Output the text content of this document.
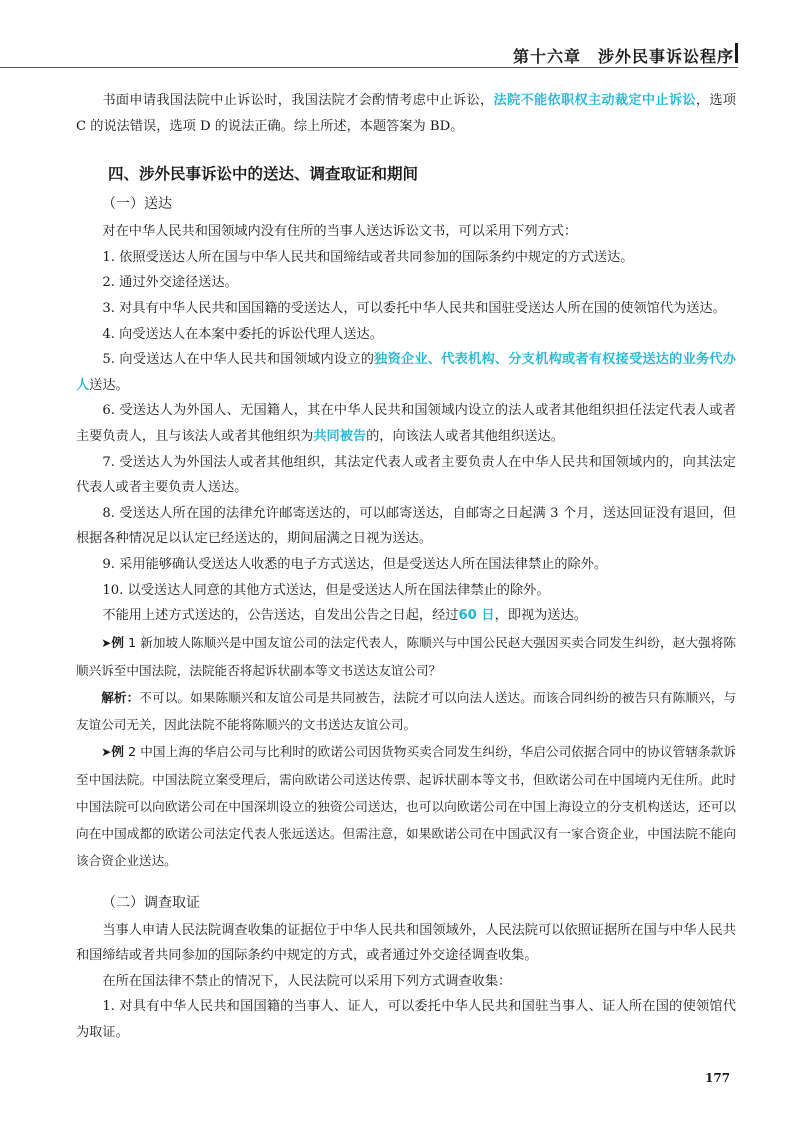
第十六章　涉外民事诉讼程序

书面申请我国法院中止诉讼时，我国法院才会酌情考虑中止诉讼，法院不能依职权主动裁定中止诉讼，选项 C 的说法错误，选项 D 的说法正确。综上所述，本题答案为 BD。

四、涉外民事诉讼中的送达、调查取证和期间
（一）送达

对在中华人民共和国领域内没有住所的当事人送达诉讼文书，可以采用下列方式：

1. 依照受送达人所在国与中华人民共和国缔结或者共同参加的国际条约中规定的方式送达。

2. 通过外交途径送达。

3. 对具有中华人民共和国国籍的受送达人，可以委托中华人民共和国驻受送达人所在国的使领馆代为送达。

4. 向受送达人在本案中委托的诉讼代理人送达。

5. 向受送达人在中华人民共和国领域内设立的独资企业、代表机构、分支机构或者有权接受送达的业务代办人送达。

6. 受送达人为外国人、无国籍人，其在中华人民共和国领域内设立的法人或者其他组织担任法定代表人或者主要负责人，且与该法人或者其他组织为共同被告的，向该法人或者其他组织送达。

7. 受送达人为外国法人或者其他组织，其法定代表人或者主要负责人在中华人民共和国领域内的，向其法定代表人或者主要负责人送达。

8. 受送达人所在国的法律允许邮寄送达的，可以邮寄送达，自邮寄之日起满 3 个月，送达回证没有退回，但根据各种情况足以认定已经送达的，期间届满之日视为送达。

9. 采用能够确认受送达人收悉的电子方式送达，但是受送达人所在国法律禁止的除外。

10. 以受送达人同意的其他方式送达，但是受送达人所在国法律禁止的除外。

不能用上述方式送达的，公告送达，自发出公告之日起，经过60 日，即视为送达。

➤例 1 新加坡人陈顺兴是中国友谊公司的法定代表人，陈顺兴与中国公民赵大强因买卖合同发生纠纷，赵大强将陈顺兴诉至中国法院，法院能否将起诉状副本等文书送达友谊公司？

解析：不可以。如果陈顺兴和友谊公司是共同被告，法院才可以向法人送达。而该合同纠纷的被告只有陈顺兴，与友谊公司无关，因此法院不能将陈顺兴的文书送达友谊公司。

➤例 2 中国上海的华启公司与比利时的欧诺公司因货物买卖合同发生纠纷，华启公司依据合同中的协议管辖条款诉至中国法院。中国法院立案受理后，需向欧诺公司送达传票、起诉状副本等文书，但欧诺公司在中国境内无住所。此时中国法院可以向欧诺公司在中国深圳设立的独资公司送达，也可以向欧诺公司在中国上海设立的分支机构送达，还可以向在中国成都的欧诺公司法定代表人张远送达。但需注意，如果欧诺公司在中国武汉有一家合资企业，中国法院不能向该合资企业送达。

（二）调查取证

当事人申请人民法院调查收集的证据位于中华人民共和国领域外，人民法院可以依照证据所在国与中华人民共和国缔结或者共同参加的国际条约中规定的方式，或者通过外交途径调查收集。

在所在国法律不禁止的情况下，人民法院可以采用下列方式调查收集：

1. 对具有中华人民共和国国籍的当事人、证人，可以委托中华人民共和国驻当事人、证人所在国的使领馆代为取证。

177
